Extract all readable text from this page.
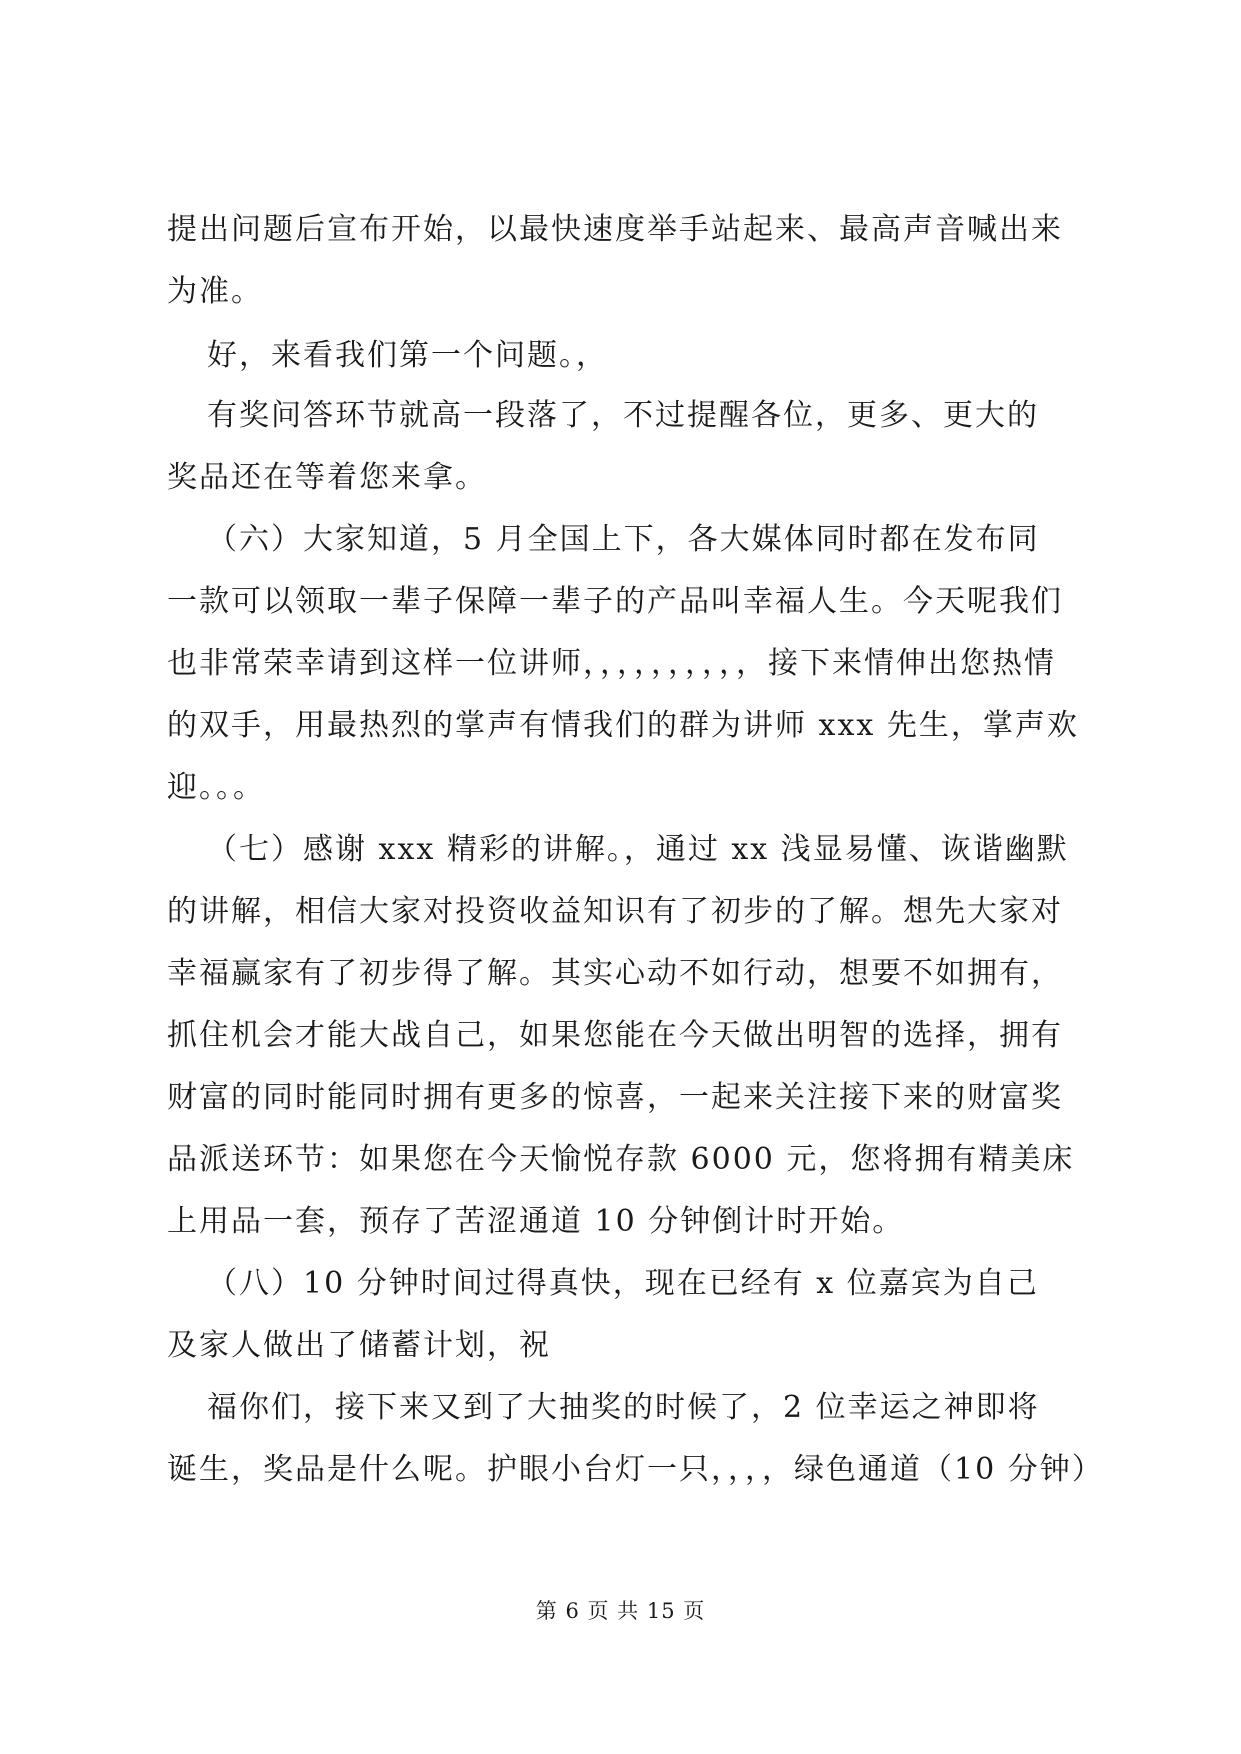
提出问题后宣布开始，以最快速度举手站起来、最高声音喊出来
为准。
好，来看我们第一个问题。，
有奖问答环节就高一段落了，不过提醒各位，更多、更大的
奖品还在等着您来拿。
（六）大家知道，5 月全国上下，各大媒体同时都在发布同
一款可以领取一辈子保障一辈子的产品叫幸福人生。今天呢我们
也非常荣幸请到这样一位讲师，，，，，，，，，，接下来情伸出您热情
的双手，用最热烈的掌声有情我们的群为讲师 xxx 先生，掌声欢
迎。。。
（七）感谢 xxx 精彩的讲解。，通过 xx 浅显易懂、诙谐幽默
的讲解，相信大家对投资收益知识有了初步的了解。想先大家对
幸福赢家有了初步得了解。其实心动不如行动，想要不如拥有，
抓住机会才能大战自己，如果您能在今天做出明智的选择，拥有
财富的同时能同时拥有更多的惊喜，一起来关注接下来的财富奖
品派送环节：如果您在今天愉悦存款 6000 元，您将拥有精美床
上用品一套，预存了苦涩通道 10 分钟倒计时开始。
（八）10 分钟时间过得真快，现在已经有 x 位嘉宾为自己
及家人做出了储蓄计划，祝
福你们，接下来又到了大抽奖的时候了，2 位幸运之神即将
诞生，奖品是什么呢。护眼小台灯一只，，，，绿色通道（10 分钟）
第 6 页 共 15 页
